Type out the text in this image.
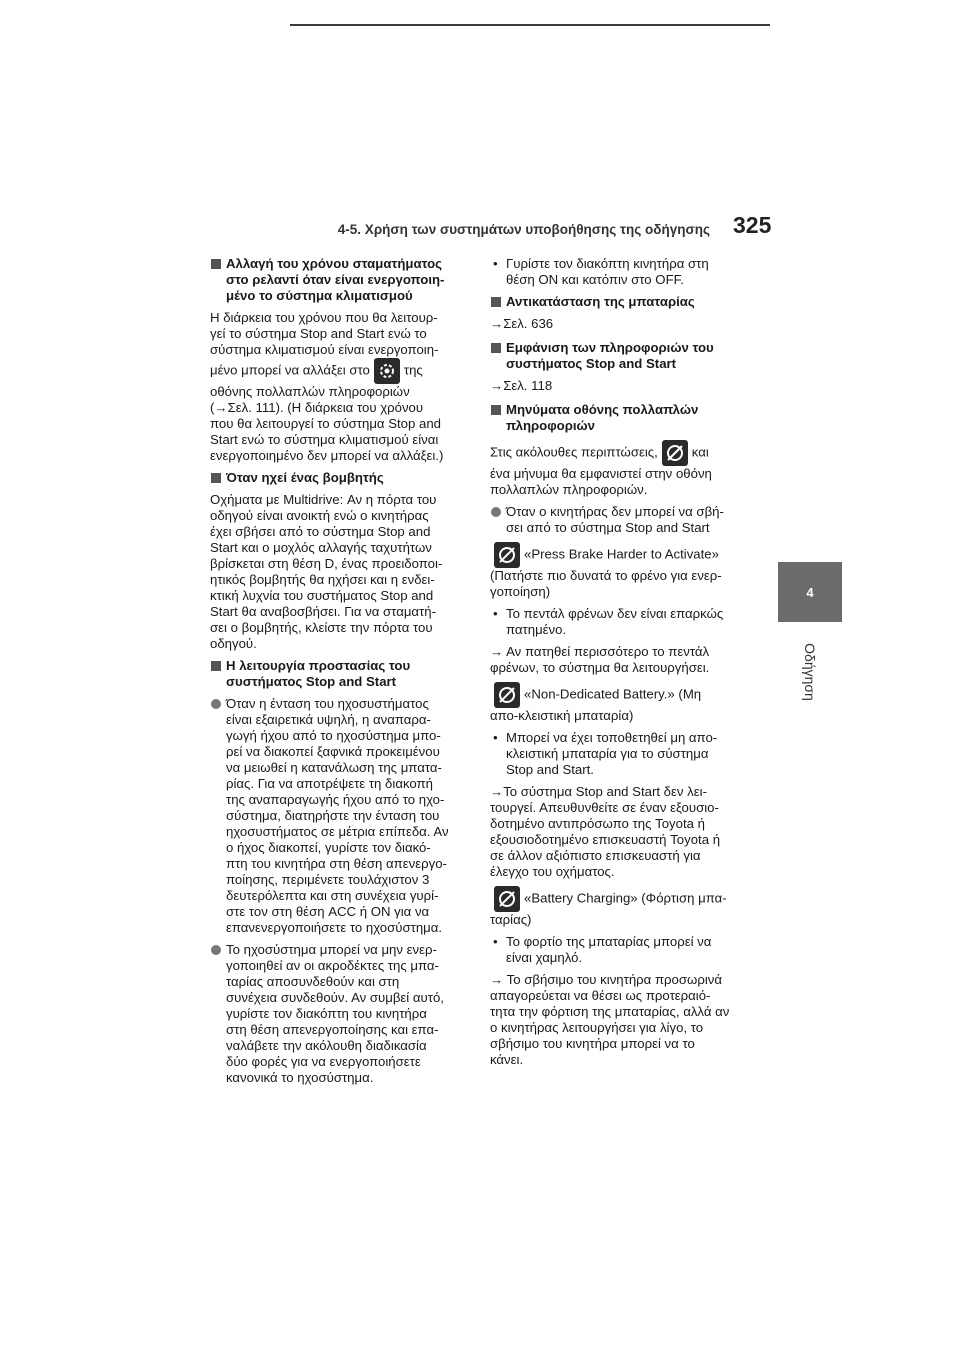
4-5. Χρήση των συστημάτων υποβοήθησης της οδήγησης 325
4
Οδήγηση
Αλλαγή του χρόνου σταματήματος στο ρελαντί όταν είναι ενεργοποιη-μένο το σύστημα κλιματισμού

Η διάρκεια του χρόνου που θα λειτουρ-γεί το σύστημα Stop and Start ενώ το σύστημα κλιματισμού είναι ενεργοποιη-μένο μπορεί να αλλάξει στο	της οθόνης πολλαπλών πληροφοριών (→Σελ. 111). (Η διάρκεια του χρόνου που θα λειτουργεί το σύστημα Stop and Start ενώ το σύστημα κλιματισμού είναι ενεργοποιημένο δεν μπορεί να αλλάξει.)

Όταν ηχεί ένας βομβητής

Οχήματα με Multidrive: Αν η πόρτα του οδηγού είναι ανοικτή ενώ ο κινητήρας έχει σβήσει από το σύστημα Stop and Start και ο μοχλός αλλαγής ταχυτήτων βρίσκεται στη θέση D, ένας προειδοποι-ητικός βομβητής θα ηχήσει και η ενδει-κτική λυχνία του συστήματος Stop and Start θα αναβοσβήσει. Για να σταματή-σει ο βομβητής, κλείστε την πόρτα του οδηγού.

Η λειτουργία προστασίας του συστήματος Stop and Start
Όταν η ένταση του ηχοσυστήματος είναι εξαιρετικά υψηλή, η αναπαρα-γωγή ήχου από το ηχοσύστημα μπο-ρεί να διακοπεί ξαφνικά προκειμένου να μειωθεί η κατανάλωση της μπατα-ρίας. Για να αποτρέψετε τη διακοπή της αναπαραγωγής ήχου από το ηχο-σύστημα, διατηρήστε την ένταση του ηχοσυστήματος σε μέτρια επίπεδα. Αν ο ήχος διακοπεί, γυρίστε τον διακό-πτη του κινητήρα στη θέση απενεργο-ποίησης, περιμένετε τουλάχιστον 3 δευτερόλεπτα και στη συνέχεια γυρί-στε τον στη θέση ACC ή ON για να επανενεργοποιήσετε το ηχοσύστημα.
Το ηχοσύστημα μπορεί να μην ενερ-γοποιηθεί αν οι ακροδέκτες της μπα-ταρίας αποσυνδεθούν και στη συνέχεια συνδεθούν. Αν συμβεί αυτό, γυρίστε τον διακόπτη του κινητήρα στη θέση απενεργοποίησης και επα-ναλάβετε την ακόλουθη διαδικασία δύο φορές για να ενεργοποιήσετε κανονικά το ηχοσύστημα.
• Γυρίστε τον διακόπτη κινητήρα στη θέση ON και κατόπιν στο OFF.
Αντικατάσταση της μπαταρίας

→Σελ. 636

Εμφάνιση των πληροφοριών του συστήματος Stop and Start

→Σελ. 118

Μηνύματα οθόνης πολλαπλών πληροφοριών

Στις ακόλουθες περιπτώσεις,	και ένα μήνυμα θα εμφανιστεί στην οθόνη πολλαπλών πληροφοριών.

Όταν ο κινητήρας δεν μπορεί να σβή-σει από το σύστημα Stop and Start

«Press Brake Harder to Activate» (Πατήστε πιο δυνατά το φρένο για ενερ-γοποίηση)

• Το πεντάλ φρένων δεν είναι επαρκώς πατημένο.

→ Αν πατηθεί περισσότερο το πεντάλ φρένων, το σύστημα θα λειτουργήσει.

«Non-Dedicated Battery.» (Μη απο-κλειστική μπαταρία)

• Μπορεί να έχει τοποθετηθεί μη απο-κλειστική μπαταρία για το σύστημα Stop and Start.

→Το σύστημα Stop and Start δεν λει-τουργεί. Απευθυνθείτε σε έναν εξουσιο-δοτημένο αντιπρόσωπο της Toyota ή εξουσιοδοτημένο επισκευαστή Toyota ή σε άλλον αξιόπιστο επισκευαστή για έλεγχο του οχήματος.

«Battery Charging» (Φόρτιση μπα-ταρίας)

• Το φορτίο της μπαταρίας μπορεί να είναι χαμηλό.

→ Το σβήσιμο του κινητήρα προσωρινά απαγορεύεται να θέσει ως προτεραιό-τητα την φόρτιση της μπαταρίας, αλλά αν ο κινητήρας λειτουργήσει για λίγο, το σβήσιμο του κινητήρα μπορεί να το κάνει.
